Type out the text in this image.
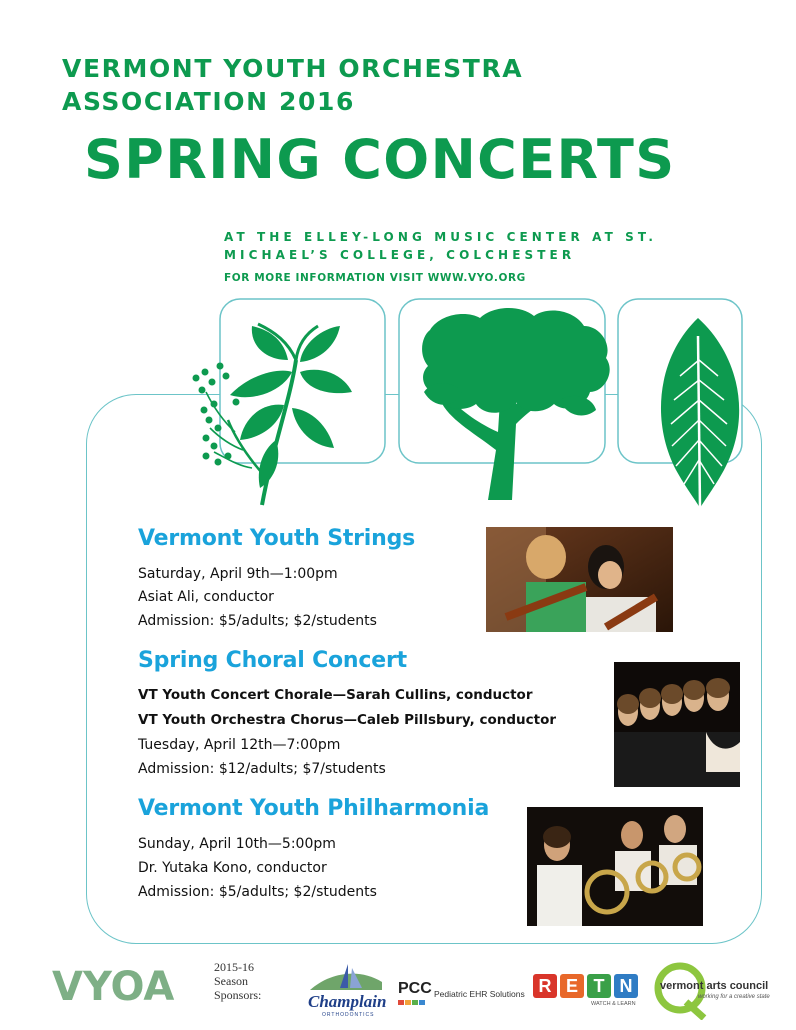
VERMONT YOUTH ORCHESTRA
ASSOCIATION 2016
SPRING CONCERTS
AT THE ELLEY-LONG MUSIC CENTER AT ST.
MICHAEL’S COLLEGE, COLCHESTER
FOR MORE INFORMATION VISIT WWW.VYO.ORG
Vermont Youth Strings
Saturday, April 9th—1:00pm
Asiat Ali, conductor
Admission: $5/adults; $2/students
Spring Choral Concert
VT Youth Concert Chorale—Sarah Cullins, conductor
VT Youth Orchestra Chorus—Caleb Pillsbury, conductor
Tuesday, April 12th—7:00pm
Admission: $12/adults; $7/students
Vermont Youth Philharmonia
Sunday, April 10th—5:00pm
Dr. Yutaka Kono, conductor
Admission: $5/adults; $2/students
VYOA	2015-16
Season
Sponsors:	Champlain
ORTHODONTICS
PCC Pediatric EHR Solutions R E T N
WATCH & LEARN
vermont arts council
working for a creative state
